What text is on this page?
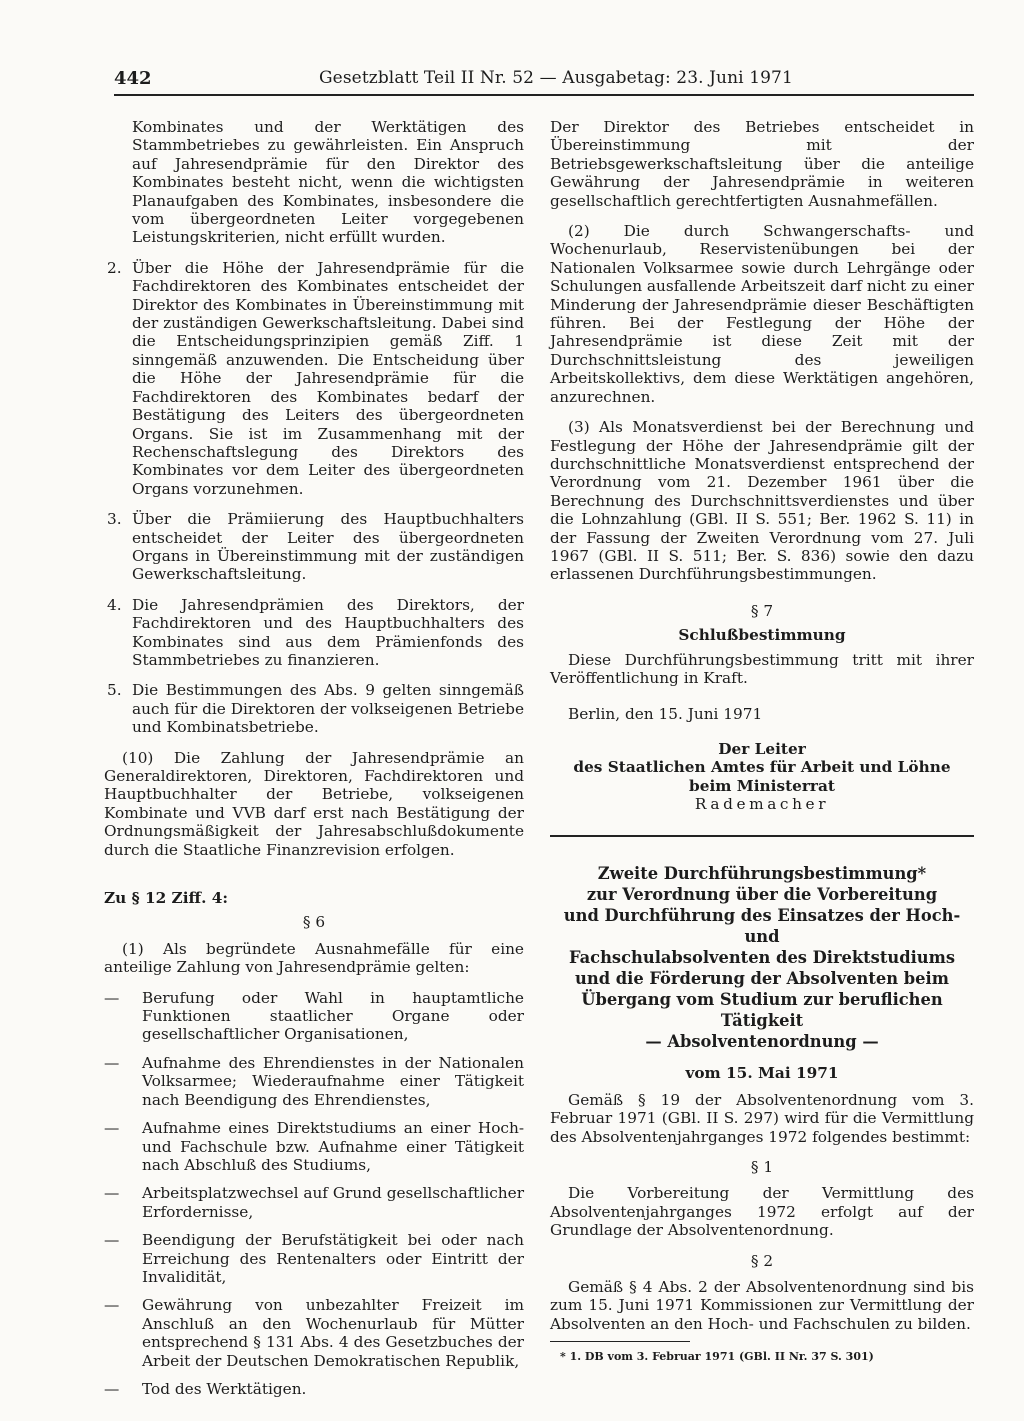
442	Gesetzblatt Teil II Nr. 52 — Ausgabetag: 23. Juni 1971

Kombinates und der Werktätigen des Stammbetriebes zu gewährleisten. Ein Anspruch auf Jahresendprämie für den Direktor des Kombinates besteht nicht, wenn die wichtigsten Planaufgaben des Kombinates, insbesondere die vom übergeordneten Leiter vorgegebenen Leistungskriterien, nicht erfüllt wurden.

2. Über die Höhe der Jahresendprämie für die Fachdirektoren des Kombinates entscheidet der Direktor des Kombinates in Übereinstimmung mit der zuständigen Gewerkschaftsleitung. Dabei sind die Entscheidungsprinzipien gemäß Ziff. 1 sinngemäß anzuwenden. Die Entscheidung über die Höhe der Jahresendprämie für die Fachdirektoren des Kombinates bedarf der Bestätigung des Leiters des übergeordneten Organs. Sie ist im Zusammenhang mit der Rechenschaftslegung des Direktors des Kombinates vor dem Leiter des übergeordneten Organs vorzunehmen.
3. Über die Prämiierung des Hauptbuchhalters entscheidet der Leiter des übergeordneten Organs in Übereinstimmung mit der zuständigen Gewerkschaftsleitung.
4. Die Jahresendprämien des Direktors, der Fachdirektoren und des Hauptbuchhalters des Kombinates sind aus dem Prämienfonds des Stammbetriebes zu finanzieren.
5. Die Bestimmungen des Abs. 9 gelten sinngemäß auch für die Direktoren der volkseigenen Betriebe und Kombinatsbetriebe.

(10) Die Zahlung der Jahresendprämie an Generaldirektoren, Direktoren, Fachdirektoren und Hauptbuchhalter der Betriebe, volkseigenen Kombinate und VVB darf erst nach Bestätigung der Ordnungsmäßigkeit der Jahresabschlußdokumente durch die Staatliche Finanzrevision erfolgen.

Zu § 12 Ziff. 4:

§ 6

(1) Als begründete Ausnahmefälle für eine anteilige Zahlung von Jahresendprämie gelten:

— Berufung oder Wahl in hauptamtliche Funktionen staatlicher Organe oder gesellschaftlicher Organisationen,
— Aufnahme des Ehrendienstes in der Nationalen Volksarmee; Wiederaufnahme einer Tätigkeit nach Beendigung des Ehrendienstes,
— Aufnahme eines Direktstudiums an einer Hoch- und Fachschule bzw. Aufnahme einer Tätigkeit nach Abschluß des Studiums,
— Arbeitsplatzwechsel auf Grund gesellschaftlicher Erfordernisse,
— Beendigung der Berufstätigkeit bei oder nach Erreichung des Rentenalters oder Eintritt der Invalidität,
— Gewährung von unbezahlter Freizeit im Anschluß an den Wochenurlaub für Mütter entsprechend § 131 Abs. 4 des Gesetzbuches der Arbeit der Deutschen Demokratischen Republik,
— Tod des Werktätigen.

Der Direktor des Betriebes entscheidet in Übereinstimmung mit der Betriebsgewerkschaftsleitung über die anteilige Gewährung der Jahresendprämie in weiteren gesellschaftlich gerechtfertigten Ausnahmefällen.

(2) Die durch Schwangerschafts- und Wochenurlaub, Reservistenübungen bei der Nationalen Volksarmee sowie durch Lehrgänge oder Schulungen ausfallende Arbeitszeit darf nicht zu einer Minderung der Jahresendprämie dieser Beschäftigten führen. Bei der Festlegung der Höhe der Jahresendprämie ist diese Zeit mit der Durchschnittsleistung des jeweiligen Arbeitskollektivs, dem diese Werktätigen angehören, anzurechnen.

(3) Als Monatsverdienst bei der Berechnung und Festlegung der Höhe der Jahresendprämie gilt der durchschnittliche Monatsverdienst entsprechend der Verordnung vom 21. Dezember 1961 über die Berechnung des Durchschnittsverdienstes und über die Lohnzahlung (GBl. II S. 551; Ber. 1962 S. 11) in der Fassung der Zweiten Verordnung vom 27. Juli 1967 (GBl. II S. 511; Ber. S. 836) sowie den dazu erlassenen Durchführungsbestimmungen.

§ 7

Schlußbestimmung

Diese Durchführungsbestimmung tritt mit ihrer Veröffentlichung in Kraft.

Berlin, den 15. Juni 1971

Der Leiter
des Staatlichen Amtes für Arbeit und Löhne
beim Ministerrat
Rademacher
Zweite Durchführungsbestimmung*
zur Verordnung über die Vorbereitung
und Durchführung des Einsatzes der Hoch- und
Fachschulabsolventen des Direktstudiums
und die Förderung der Absolventen beim
Übergang vom Studium zur beruflichen Tätigkeit
— Absolventenordnung —

vom 15. Mai 1971

Gemäß § 19 der Absolventenordnung vom 3. Februar 1971 (GBl. II S. 297) wird für die Vermittlung des Absolventenjahrganges 1972 folgendes bestimmt:

§ 1

Die Vorbereitung der Vermittlung des Absolventenjahrganges 1972 erfolgt auf der Grundlage der Absolventenordnung.

§ 2

Gemäß § 4 Abs. 2 der Absolventenordnung sind bis zum 15. Juni 1971 Kommissionen zur Vermittlung der Absolventen an den Hoch- und Fachschulen zu bilden.

* 1. DB vom 3. Februar 1971 (GBl. II Nr. 37 S. 301)
